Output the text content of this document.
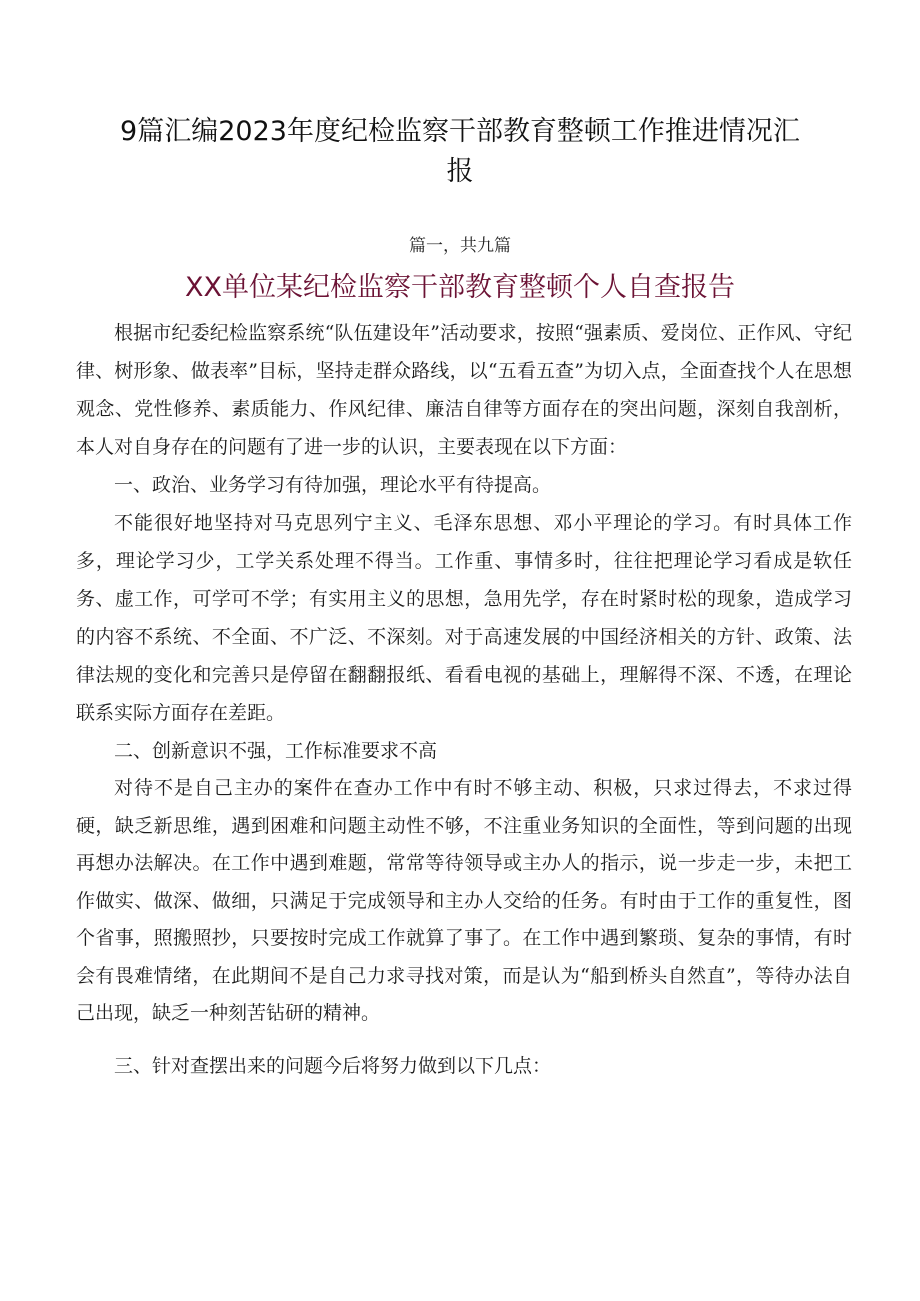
9篇汇编2023年度纪检监察干部教育整顿工作推进情况汇报
篇一，共九篇
XX单位某纪检监察干部教育整顿个人自查报告

根据市纪委纪检监察系统“队伍建设年”活动要求，按照“强素质、爱岗位、正作风、守纪律、树形象、做表率”目标，坚持走群众路线，以“五看五查”为切入点，全面查找个人在思想观念、党性修养、素质能力、作风纪律、廉洁自律等方面存在的突出问题，深刻自我剖析，本人对自身存在的问题有了进一步的认识，主要表现在以下方面：

一、政治、业务学习有待加强，理论水平有待提高。

不能很好地坚持对马克思列宁主义、毛泽东思想、邓小平理论的学习。有时具体工作多，理论学习少，工学关系处理不得当。工作重、事情多时，往往把理论学习看成是软任务、虚工作，可学可不学；有实用主义的思想，急用先学，存在时紧时松的现象，造成学习的内容不系统、不全面、不广泛、不深刻。对于高速发展的中国经济相关的方针、政策、法律法规的变化和完善只是停留在翻翻报纸、看看电视的基础上，理解得不深、不透，在理论联系实际方面存在差距。

二、创新意识不强，工作标准要求不高

对待不是自己主办的案件在查办工作中有时不够主动、积极，只求过得去，不求过得硬，缺乏新思维，遇到困难和问题主动性不够，不注重业务知识的全面性，等到问题的出现再想办法解决。在工作中遇到难题，常常等待领导或主办人的指示，说一步走一步，未把工作做实、做深、做细，只满足于完成领导和主办人交给的任务。有时由于工作的重复性，图个省事，照搬照抄，只要按时完成工作就算了事了。在工作中遇到繁琐、复杂的事情，有时会有畏难情绪，在此期间不是自己力求寻找对策，而是认为“船到桥头自然直”，等待办法自己出现，缺乏一种刻苦钻研的精神。

三、针对查摆出来的问题今后将努力做到以下几点：
